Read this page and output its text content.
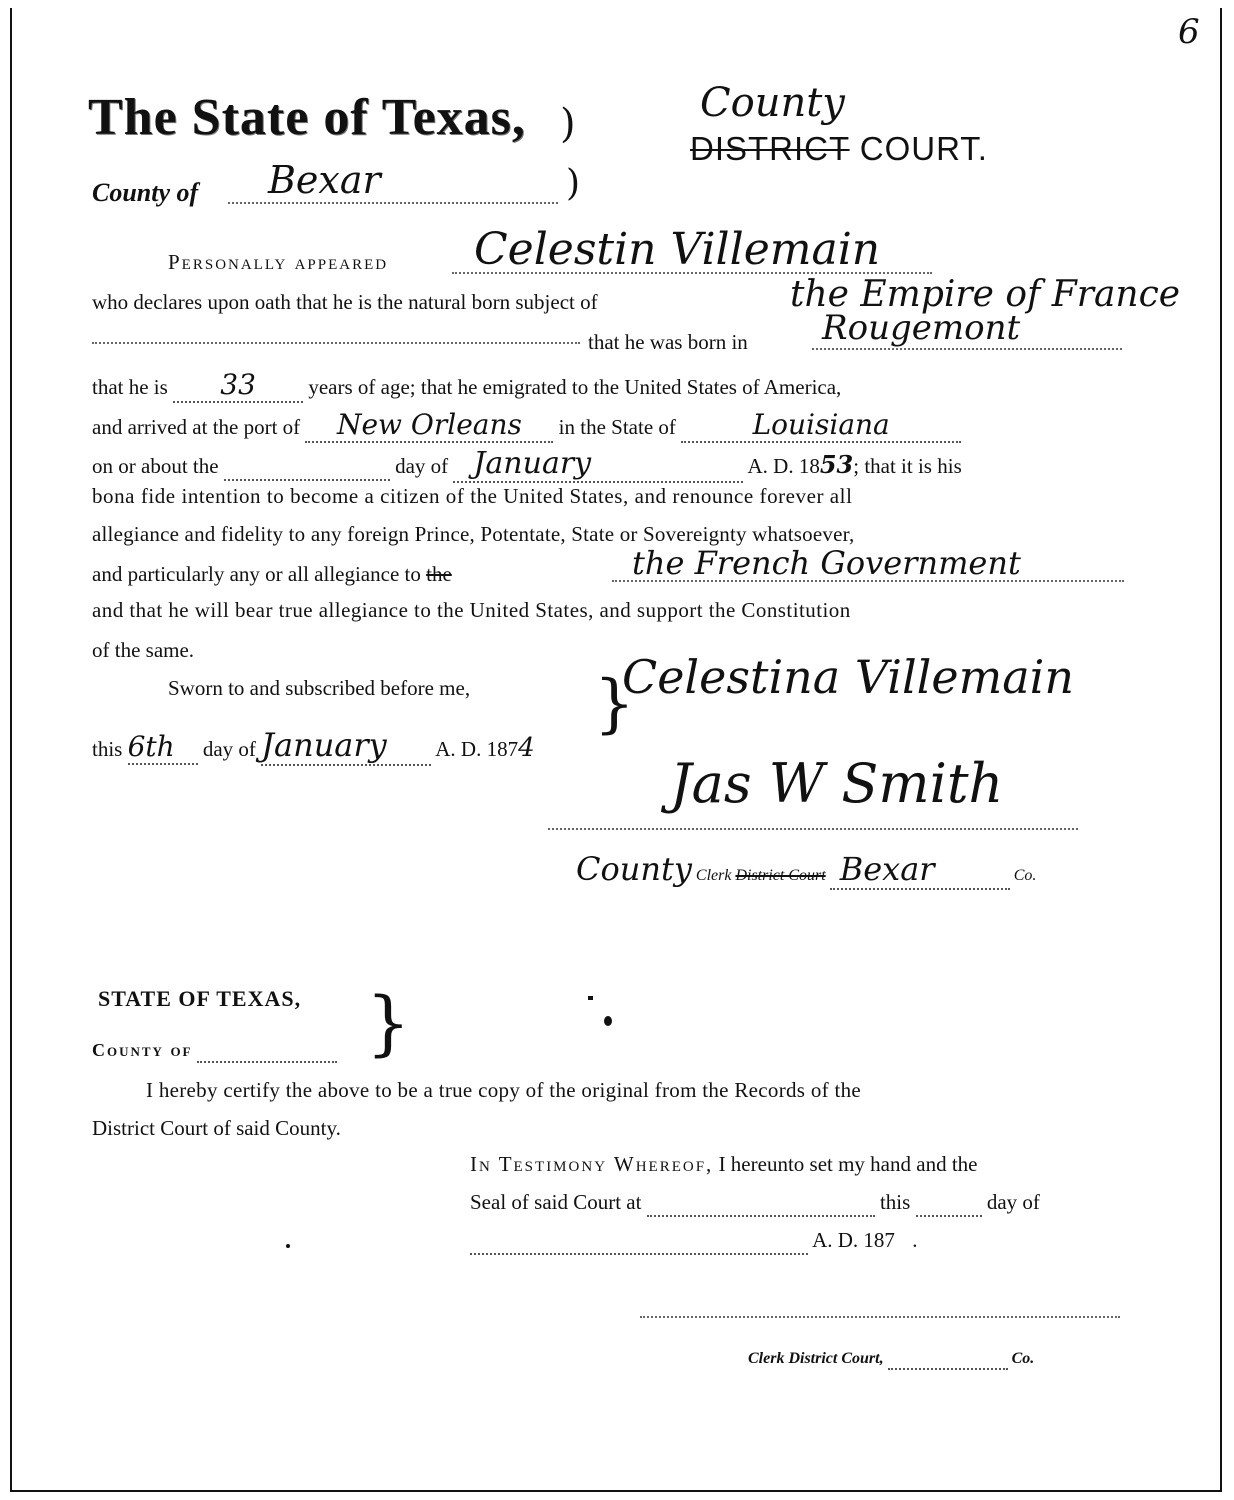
6
The State of Texas, )
County of Bexar	)
County
DISTRICT COURT.
Personally appeared Celestin Villemain
who declares upon oath that he is the natural born subject of	the Empire of France
that he was born in Rougemont
that he is 33 years of age; that he emigrated to the United States of America,
and arrived at the port of New Orleans in the State of	Louisiana
on or about the	day of January	A. D. 1853; that it is his
bona fide intention to become a citizen of the United States, and renounce forever all
allegiance and fidelity to any foreign Prince, Potentate, State or Sovereignty whatsoever,
and particularly any or all allegiance to the	the French Government
and that he will bear true allegiance to the United States, and support the Constitution
of the same.
Sworn to and subscribed before me,
this 6th day of January A. D. 1874
}
Celestina Villemain
Jas W Smith
County Clerk District Court Bexar	Co.
STATE OF TEXAS,
County of	}
I hereby certify the above to be a true copy of the original from the Records of the
District Court of said County.
In Testimony Whereof, I hereunto set my hand and the
Seal of said Court at	this	day of
A. D. 187 .
Clerk District Court,	Co.
